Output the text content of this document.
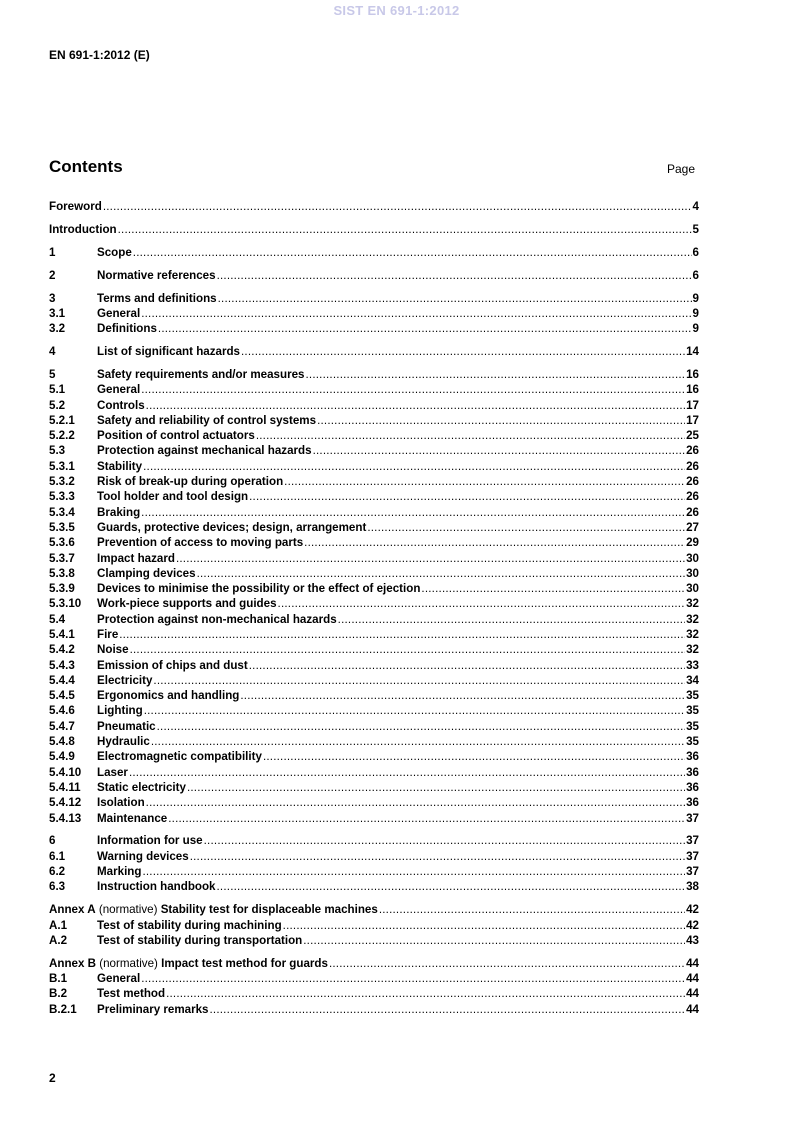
SIST EN 691-1:2012
EN 691-1:2012 (E)
Contents	Page
Foreword .....	4
Introduction .....	5
1	Scope .....	6
2	Normative references .....	6
3	Terms and definitions .....	9
3.1	General .....	9
3.2	Definitions .....	9
4	List of significant hazards .....	14
5	Safety requirements and/or measures .....	16
5.1	General .....	16
5.2	Controls .....	17
5.2.1	Safety and reliability of control systems .....	17
5.2.2	Position of control actuators .....	25
5.3	Protection against mechanical hazards .....	26
5.3.1	Stability .....	26
5.3.2	Risk of break-up during operation .....	26
5.3.3	Tool holder and tool design .....	26
5.3.4	Braking .....	26
5.3.5	Guards, protective devices; design, arrangement .....	27
5.3.6	Prevention of access to moving parts .....	29
5.3.7	Impact hazard .....	30
5.3.8	Clamping devices .....	30
5.3.9	Devices to minimise the possibility or the effect of ejection .....	30
5.3.10	Work-piece supports and guides .....	32
5.4	Protection against non-mechanical hazards .....	32
5.4.1	Fire .....	32
5.4.2	Noise .....	32
5.4.3	Emission of chips and dust .....	33
5.4.4	Electricity .....	34
5.4.5	Ergonomics and handling .....	35
5.4.6	Lighting .....	35
5.4.7	Pneumatic .....	35
5.4.8	Hydraulic .....	35
5.4.9	Electromagnetic compatibility .....	36
5.4.10	Laser .....	36
5.4.11	Static electricity .....	36
5.4.12	Isolation .....	36
5.4.13	Maintenance .....	37
6	Information for use .....	37
6.1	Warning devices .....	37
6.2	Marking .....	37
6.3	Instruction handbook .....	38
Annex A (normative) Stability test for displaceable machines .....	42
A.1	Test of stability during machining .....	42
A.2	Test of stability during transportation .....	43
Annex B (normative) Impact test method for guards .....	44
B.1	General .....	44
B.2	Test method .....	44
B.2.1	Preliminary remarks .....	44
2
